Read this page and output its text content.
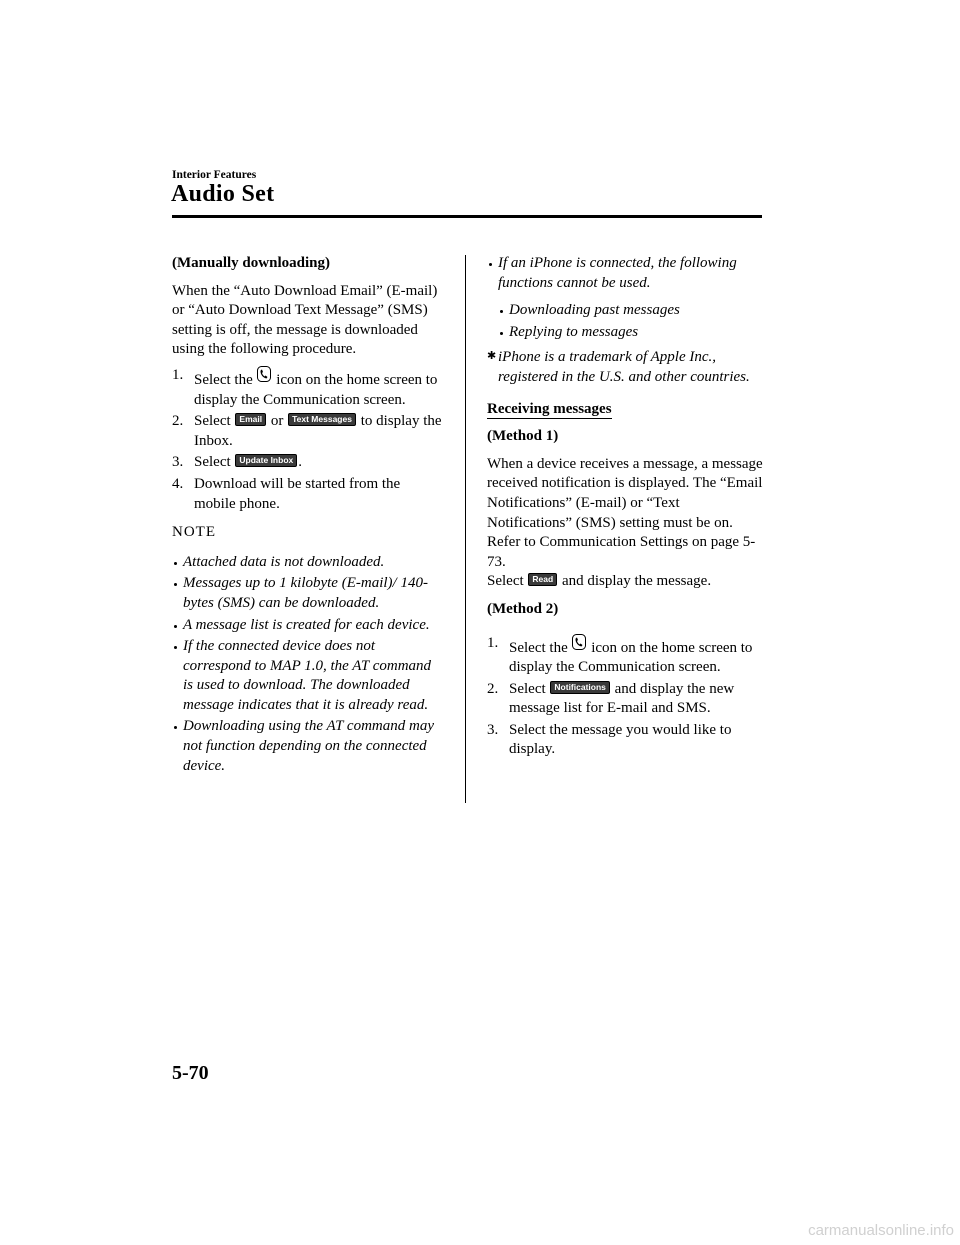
Interior Features
Audio Set

(Manually downloading)

When the “Auto Download Email” (E-mail) or “Auto Download Text Message” (SMS) setting is off, the message is downloaded using the following procedure.

1. Select the icon on the home screen to display the Communication screen.
2. Select Email or Text Messages to display the Inbox.
3. Select Update Inbox .
4. Download will be started from the mobile phone.

NOTE

Attached data is not downloaded.
Messages up to 1 kilobyte (E-mail)/ 140-bytes (SMS) can be downloaded.
A message list is created for each device.
If the connected device does not correspond to MAP 1.0, the AT command is used to download. The downloaded message indicates that it is already read.
Downloading using the AT command may not function depending on the connected device.
If an iPhone is connected, the following functions cannot be used.
Downloading past messages
Replying to messages

✱ iPhone is a trademark of Apple Inc., registered in the U.S. and other countries.

Receiving messages

(Method 1)

When a device receives a message, a message received notification is displayed. The “Email Notifications” (E-mail) or “Text Notifications” (SMS) setting must be on.

Refer to Communication Settings on page 5-73.

Select Read and display the message.

(Method 2)

1. Select the icon on the home screen to display the Communication screen.
2. Select Notifications and display the new message list for E-mail and SMS.
3. Select the message you would like to display.
5-70
carmanualsonline.info
